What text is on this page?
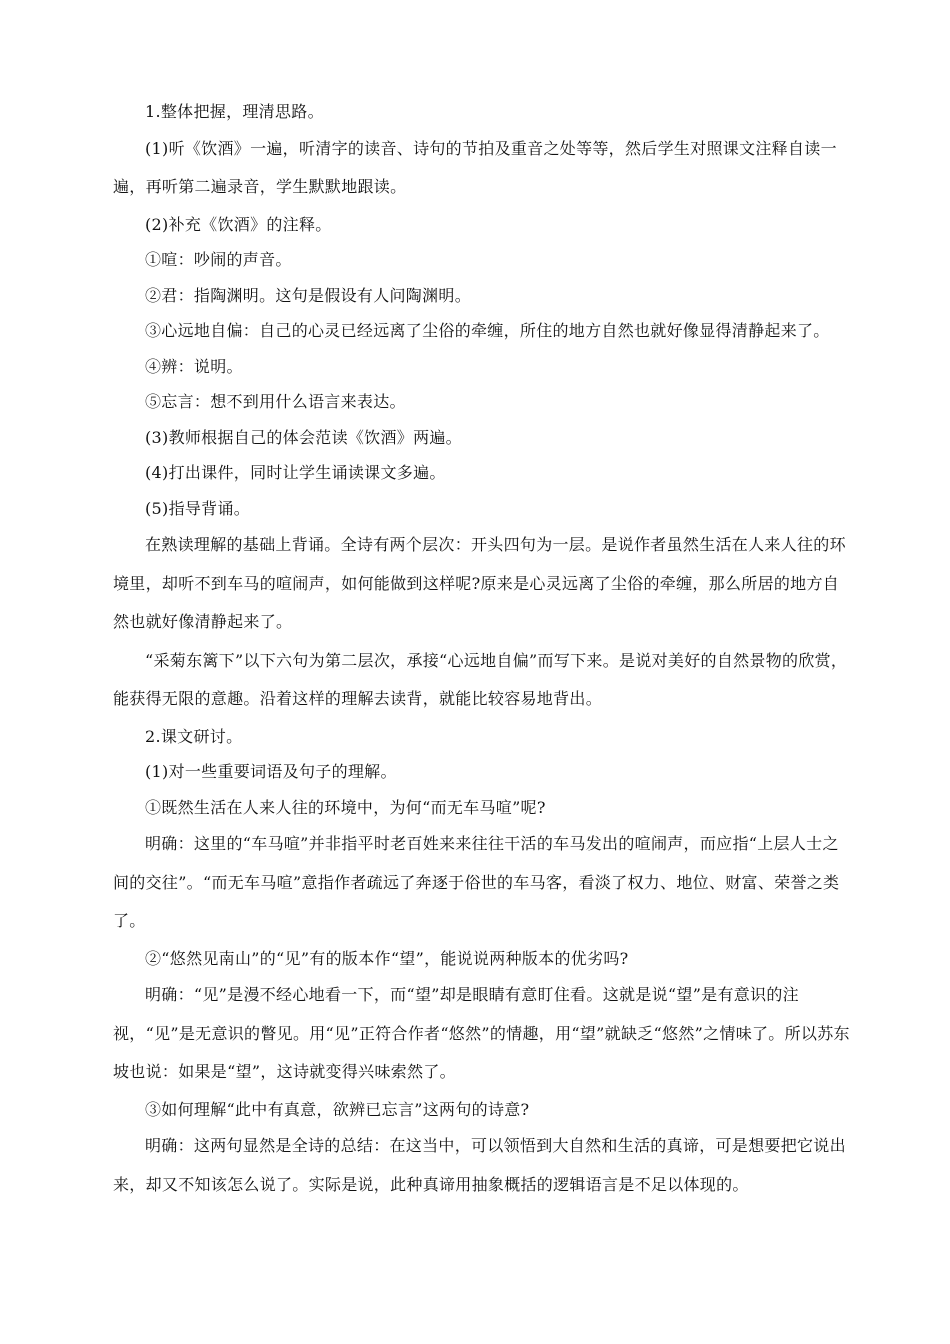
1.整体把握，理清思路。

(1)听《饮酒》一遍，听清字的读音、诗句的节拍及重音之处等等，然后学生对照课文注释自读一遍，再听第二遍录音，学生默默地跟读。

(2)补充《饮酒》的注释。

①喧：吵闹的声音。

②君：指陶渊明。这句是假设有人问陶渊明。

③心远地自偏：自己的心灵已经远离了尘俗的牵缠，所住的地方自然也就好像显得清静起来了。

④辨：说明。

⑤忘言：想不到用什么语言来表达。

(3)教师根据自己的体会范读《饮酒》两遍。

(4)打出课件，同时让学生诵读课文多遍。

(5)指导背诵。

在熟读理解的基础上背诵。全诗有两个层次：开头四句为一层。是说作者虽然生活在人来人往的环境里，却听不到车马的喧闹声，如何能做到这样呢?原来是心灵远离了尘俗的牵缠，那么所居的地方自然也就好像清静起来了。

“采菊东篱下”以下六句为第二层次，承接“心远地自偏”而写下来。是说对美好的自然景物的欣赏，能获得无限的意趣。沿着这样的理解去读背，就能比较容易地背出。

2.课文研讨。

(1)对一些重要词语及句子的理解。

①既然生活在人来人往的环境中，为何“而无车马喧”呢?

明确：这里的“车马喧”并非指平时老百姓来来往往干活的车马发出的喧闹声，而应指“上层人士之间的交往”。“而无车马喧”意指作者疏远了奔逐于俗世的车马客，看淡了权力、地位、财富、荣誉之类了。

②“悠然见南山”的“见”有的版本作“望”，能说说两种版本的优劣吗?

明确：“见”是漫不经心地看一下，而“望”却是眼睛有意盯住看。这就是说“望”是有意识的注视，“见”是无意识的瞥见。用“见”正符合作者“悠然”的情趣，用“望”就缺乏“悠然”之情味了。所以苏东坡也说：如果是“望”，这诗就变得兴味索然了。

③如何理解“此中有真意，欲辨已忘言”这两句的诗意?

明确：这两句显然是全诗的总结：在这当中，可以领悟到大自然和生活的真谛，可是想要把它说出来，却又不知该怎么说了。实际是说，此种真谛用抽象概括的逻辑语言是不足以体现的。
